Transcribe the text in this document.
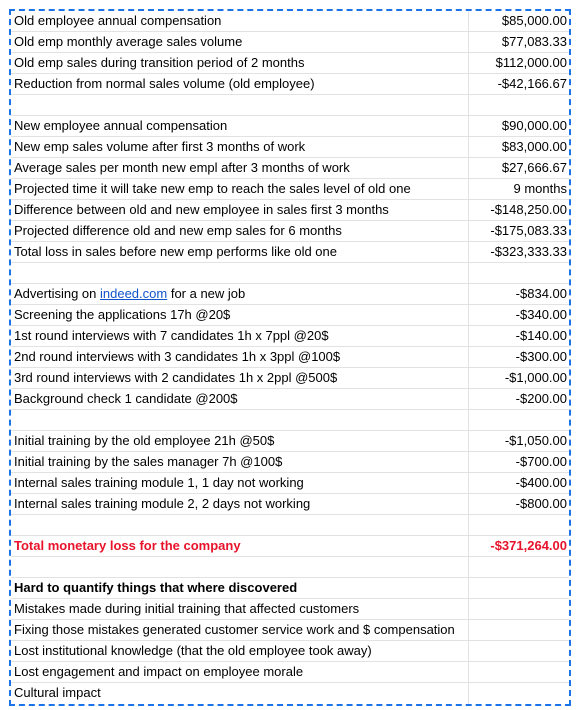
Old employee annual compensation	$85,000.00
Old emp monthly average sales volume	$77,083.33
Old emp sales during transition period of 2 months	$112,000.00
Reduction from normal sales volume (old employee)	-$42,166.67
New employee annual compensation	$90,000.00
New emp sales volume after first 3 months of work	$83,000.00
Average sales per month new empl after 3 months of work	$27,666.67
Projected time it will take new emp to reach the sales level of old one	9 months
Difference between old and new employee in sales first 3 months	-$148,250.00
Projected difference old and new emp sales for 6 months	-$175,083.33
Total loss in sales before new emp performs like old one	-$323,333.33
Advertising on indeed.com for a new job	-$834.00
Screening the applications 17h @20$	-$340.00
1st round interviews with 7 candidates 1h x 7ppl @20$	-$140.00
2nd round interviews with 3 candidates 1h x 3ppl @100$	-$300.00
3rd round interviews with 2 candidates 1h x 2ppl @500$	-$1,000.00
Background check 1 candidate @200$	-$200.00
Initial training by the old employee 21h @50$	-$1,050.00
Initial training by the sales manager 7h @100$	-$700.00
Internal sales training module 1, 1 day not working	-$400.00
Internal sales training module 2, 2 days not working	-$800.00
Total monetary loss for the company	-$371,264.00
Hard to quantify things that where discovered
Mistakes made during initial training that affected customers
Fixing those mistakes generated customer service work and $ compensation
Lost institutional knowledge (that the old employee took away)
Lost engagement and impact on employee morale
Cultural impact
